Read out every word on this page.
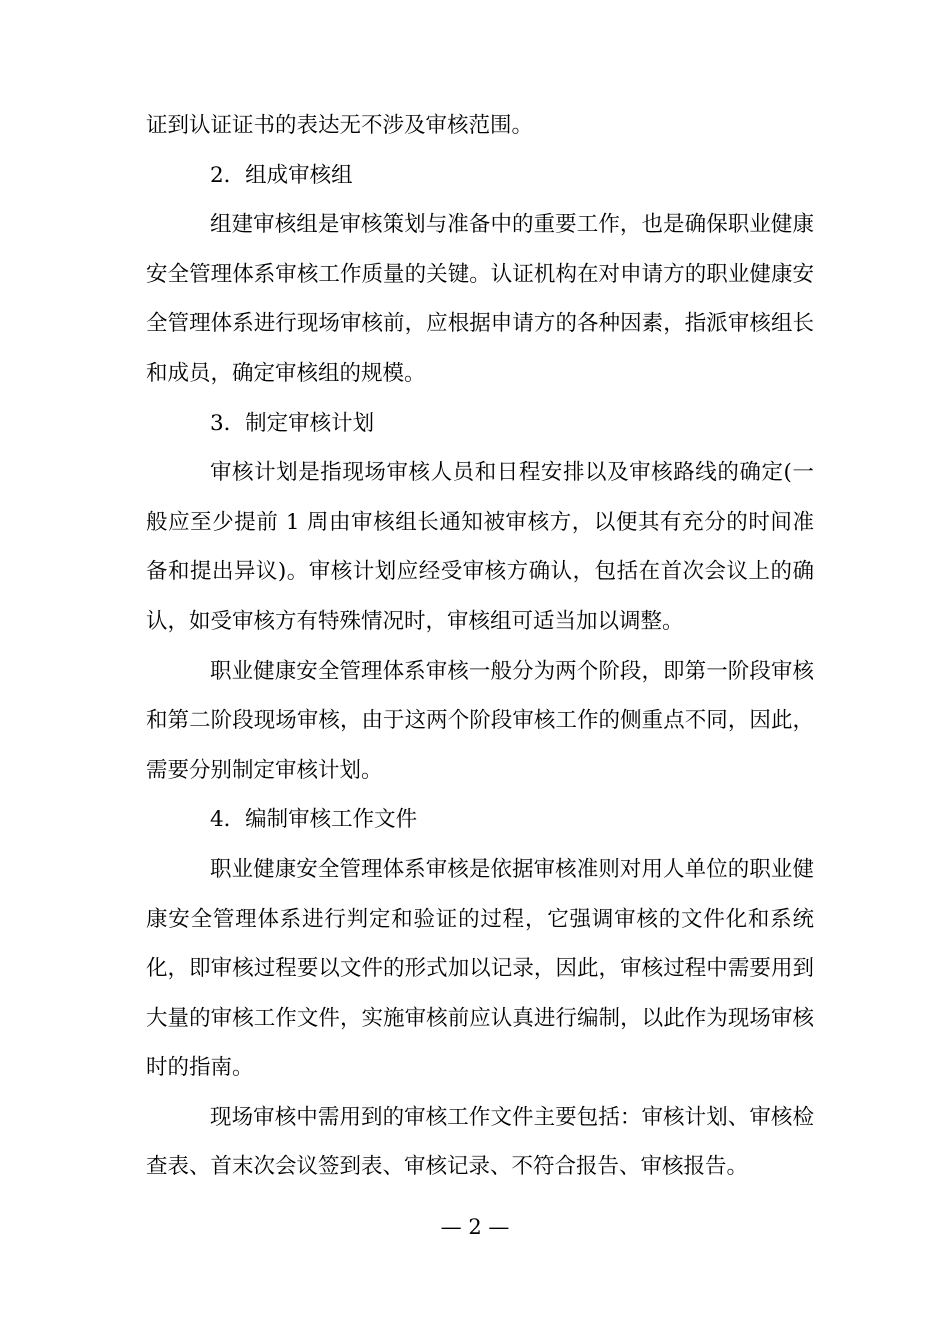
证到认证证书的表达无不涉及审核范围。

2．组成审核组

组建审核组是审核策划与准备中的重要工作，也是确保职业健康安全管理体系审核工作质量的关键。认证机构在对申请方的职业健康安全管理体系进行现场审核前，应根据申请方的各种因素，指派审核组长和成员，确定审核组的规模。

3．制定审核计划

审核计划是指现场审核人员和日程安排以及审核路线的确定(一般应至少提前 1 周由审核组长通知被审核方，以便其有充分的时间准备和提出异议)。审核计划应经受审核方确认，包括在首次会议上的确认，如受审核方有特殊情况时，审核组可适当加以调整。

职业健康安全管理体系审核一般分为两个阶段，即第一阶段审核和第二阶段现场审核，由于这两个阶段审核工作的侧重点不同，因此，需要分别制定审核计划。

4．编制审核工作文件

职业健康安全管理体系审核是依据审核准则对用人单位的职业健康安全管理体系进行判定和验证的过程，它强调审核的文件化和系统化，即审核过程要以文件的形式加以记录，因此，审核过程中需要用到大量的审核工作文件，实施审核前应认真进行编制，以此作为现场审核时的指南。

现场审核中需用到的审核工作文件主要包括：审核计划、审核检查表、首末次会议签到表、审核记录、不符合报告、审核报告。

— 2 —
